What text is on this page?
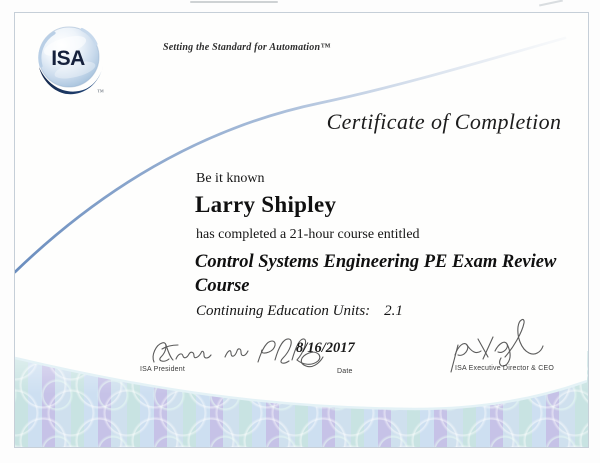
ISA
™
Setting the Standard for Automation™
Certificate of Completion
Be it known
Larry Shipley
has completed a 21-hour course entitled
Control Systems Engineering PE Exam Review Course
Continuing Education Units: 2.1
8/16/2017
ISA President	Date	ISA Executive Director & CEO
